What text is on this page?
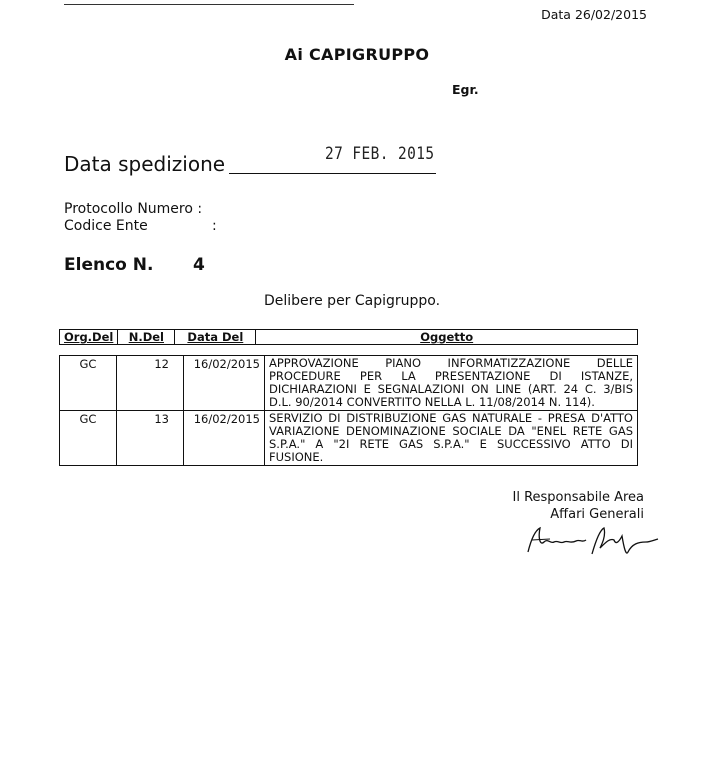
Data 26/02/2015
Ai CAPIGRUPPO
Egr.
Data spedizione	27 FEB. 2015
Protocollo Numero :
Codice Ente	:
Elenco N. 4
Delibere per Capigruppo.
Org.Del	N.Del	Data Del	Oggetto
GC	12	16/02/2015	APPROVAZIONE PIANO INFORMATIZZAZIONE DELLE PROCEDURE PER LA PRESENTAZIONE DI ISTANZE, DICHIARAZIONI E SEGNALAZIONI ON LINE (ART. 24 C. 3/BIS D.L. 90/2014 CONVERTITO NELLA L. 11/08/2014 N. 114).
GC	13	16/02/2015	SERVIZIO DI DISTRIBUZIONE GAS NATURALE - PRESA D'ATTO VARIAZIONE DENOMINAZIONE SOCIALE DA "ENEL RETE GAS S.P.A." A "2I RETE GAS S.P.A." E SUCCESSIVO ATTO DI FUSIONE.
Il Responsabile Area
Affari Generali
